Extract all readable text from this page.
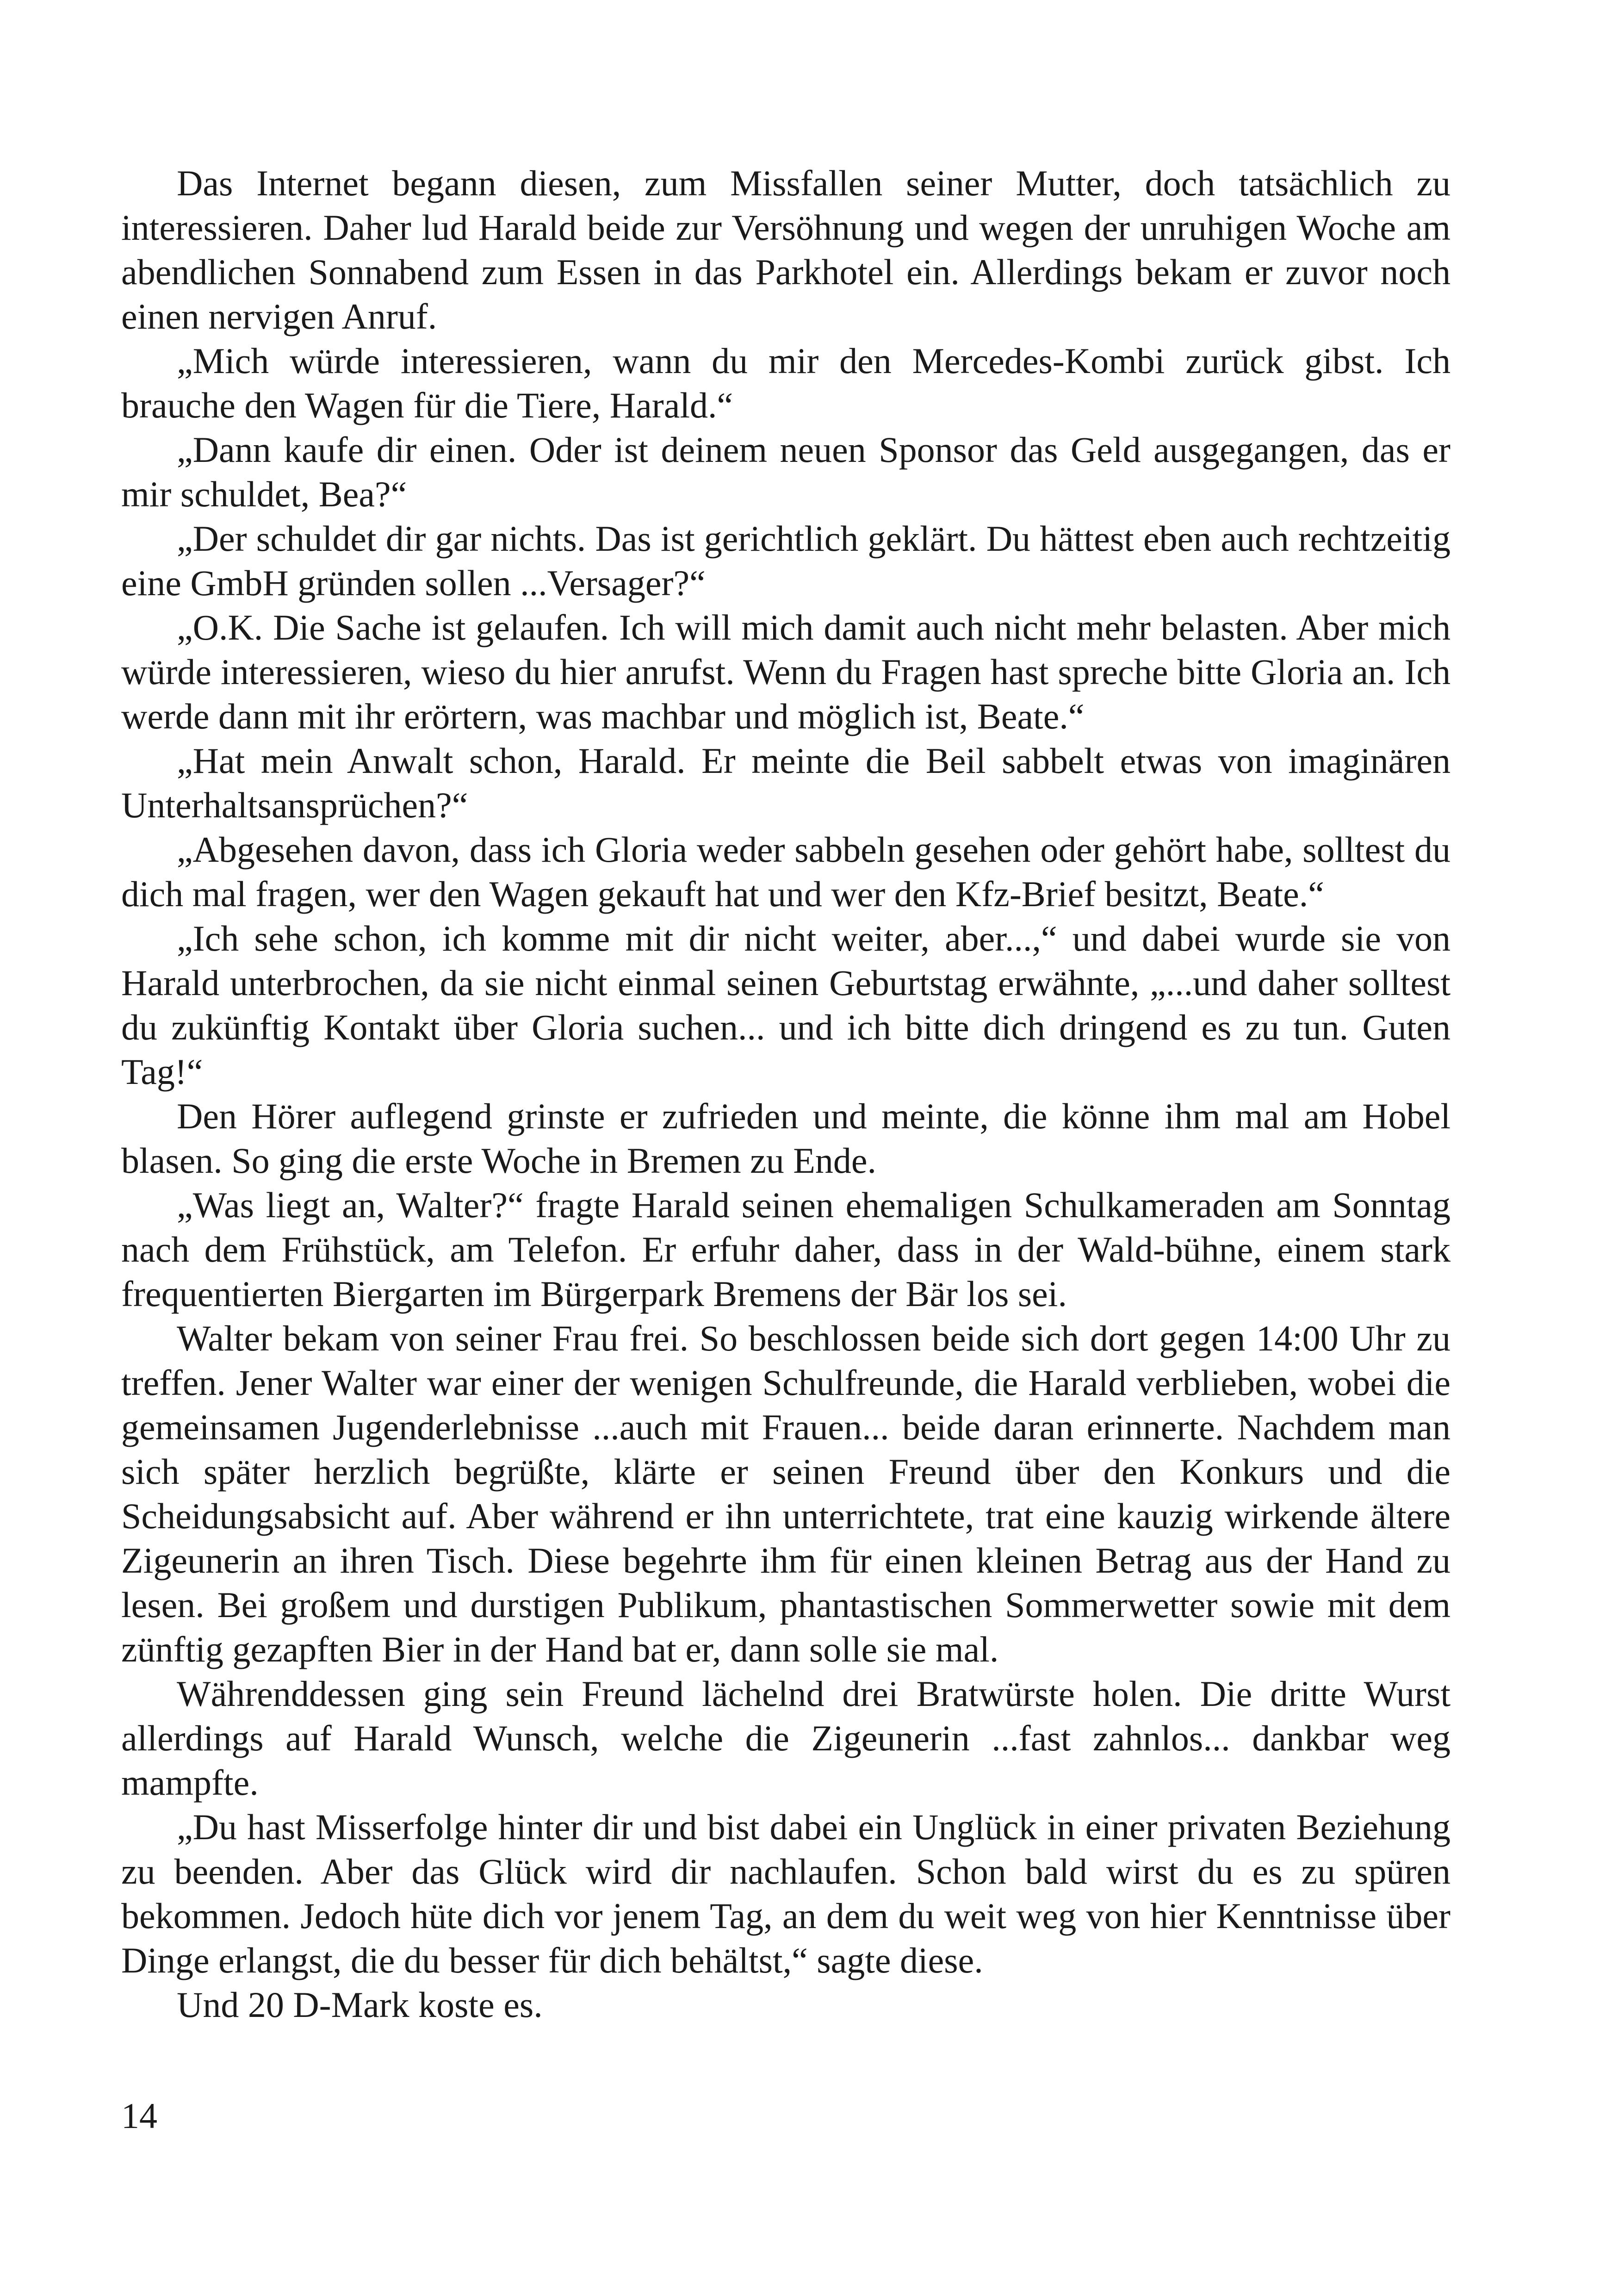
Das Internet begann diesen, zum Missfallen seiner Mutter, doch tatsächlich zu interessieren. Daher lud Harald beide zur Versöhnung und wegen der unruhigen Woche am abendlichen Sonnabend zum Essen in das Parkhotel ein. Allerdings bekam er zuvor noch einen nervigen Anruf.

„Mich würde interessieren, wann du mir den Mercedes-Kombi zurück gibst. Ich brauche den Wagen für die Tiere, Harald.“

„Dann kaufe dir einen. Oder ist deinem neuen Sponsor das Geld ausgegangen, das er mir schuldet, Bea?“

„Der schuldet dir gar nichts. Das ist gerichtlich geklärt. Du hättest eben auch rechtzeitig eine GmbH gründen sollen ...Versager?“

„O.K. Die Sache ist gelaufen. Ich will mich damit auch nicht mehr belasten. Aber mich würde interessieren, wieso du hier anrufst. Wenn du Fragen hast spreche bitte Gloria an. Ich werde dann mit ihr erörtern, was machbar und möglich ist, Beate.“

„Hat mein Anwalt schon, Harald. Er meinte die Beil sabbelt etwas von imaginären Unterhaltsansprüchen?“

„Abgesehen davon, dass ich Gloria weder sabbeln gesehen oder gehört habe, solltest du dich mal fragen, wer den Wagen gekauft hat und wer den Kfz-Brief besitzt, Beate.“

„Ich sehe schon, ich komme mit dir nicht weiter, aber...,“ und dabei wurde sie von Harald unterbrochen, da sie nicht einmal seinen Geburtstag erwähnte, „...und daher solltest du zukünftig Kontakt über Gloria suchen... und ich bitte dich dringend es zu tun. Guten Tag!“

Den Hörer auflegend grinste er zufrieden und meinte, die könne ihm mal am Hobel blasen. So ging die erste Woche in Bremen zu Ende.

„Was liegt an, Walter?“ fragte Harald seinen ehemaligen Schulkameraden am Sonntag nach dem Frühstück, am Telefon. Er erfuhr daher, dass in der Wald-bühne, einem stark frequentierten Biergarten im Bürgerpark Bremens der Bär los sei.

Walter bekam von seiner Frau frei. So beschlossen beide sich dort gegen 14:00 Uhr zu treffen. Jener Walter war einer der wenigen Schulfreunde, die Harald verblieben, wobei die gemeinsamen Jugenderlebnisse ...auch mit Frauen... beide daran erinnerte. Nachdem man sich später herzlich begrüßte, klärte er seinen Freund über den Konkurs und die Scheidungsabsicht auf. Aber während er ihn unterrichtete, trat eine kauzig wirkende ältere Zigeunerin an ihren Tisch. Diese begehrte ihm für einen kleinen Betrag aus der Hand zu lesen. Bei großem und durstigen Publikum, phantastischen Sommerwetter sowie mit dem zünftig gezapften Bier in der Hand bat er, dann solle sie mal.

Währenddessen ging sein Freund lächelnd drei Bratwürste holen. Die dritte Wurst allerdings auf Harald Wunsch, welche die Zigeunerin ...fast zahnlos... dankbar weg mampfte.

„Du hast Misserfolge hinter dir und bist dabei ein Unglück in einer privaten Beziehung zu beenden. Aber das Glück wird dir nachlaufen. Schon bald wirst du es zu spüren bekommen. Jedoch hüte dich vor jenem Tag, an dem du weit weg von hier Kenntnisse über Dinge erlangst, die du besser für dich behältst,“ sagte diese.

Und 20 D-Mark koste es.

14
